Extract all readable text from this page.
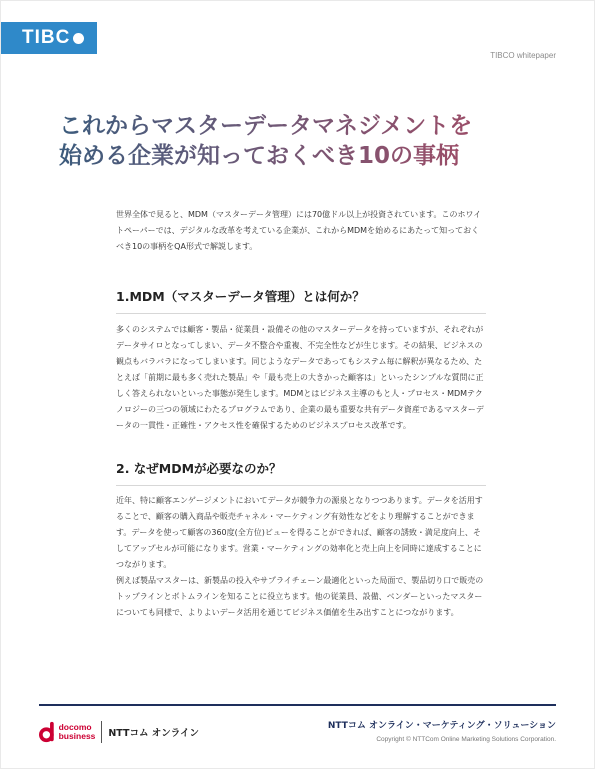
TIBC
TIBCO whitepaper
これからマスターデータマネジメントを
始める企業が知っておくべき10の事柄

世界全体で見ると、MDM（マスターデータ管理）には70億ドル以上が投資されています。このホワイトペーパーでは、デジタルな改革を考えている企業が、これからMDMを始めるにあたって知っておくべき10の事柄をQA形式で解説します。

1.MDM（マスターデータ管理）とは何か？

多くのシステムでは顧客・製品・従業員・設備その他のマスターデータを持っていますが、それぞれがデータサイロとなってしまい、データ不整合や重複、不完全性などが生じます。その結果、ビジネスの観点もバラバラになってしまいます。同じようなデータであってもシステム毎に解釈が異なるため、たとえば「前期に最も多く売れた製品」や「最も売上の大きかった顧客は」といったシンプルな質問に正しく答えられないといった事態が発生します。MDMとはビジネス主導のもと人・プロセス・MDMテクノロジーの三つの領域にわたるプログラムであり、企業の最も重要な共有データ資産であるマスターデータの一貫性・正確性・アクセス性を確保するためのビジネスプロセス改革です。

2. なぜMDMが必要なのか？

近年、特に顧客エンゲージメントにおいてデータが競争力の源泉となりつつあります。データを活用することで、顧客の購入商品や販売チャネル・マーケティング有効性などをより理解することができます。データを使って顧客の360度(全方位)ビューを得ることができれば、顧客の誘致・満足度向上、そしてアップセルが可能になります。営業・マーケティングの効率化と売上向上を同時に達成することにつながります。

例えば製品マスターは、新製品の投入やサプライチェーン最適化といった局面で、製品切り口で販売のトップラインとボトムラインを知ることに役立ちます。他の従業員、設備、ベンダーといったマスターについても同様で、よりよいデータ活用を通じてビジネス価値を生み出すことにつながります。

docomo
business NTTコム オンライン
NTTコム オンライン・マーケティング・ソリューション
Copyright © NTTCom Online Marketing Solutions Corporation.
